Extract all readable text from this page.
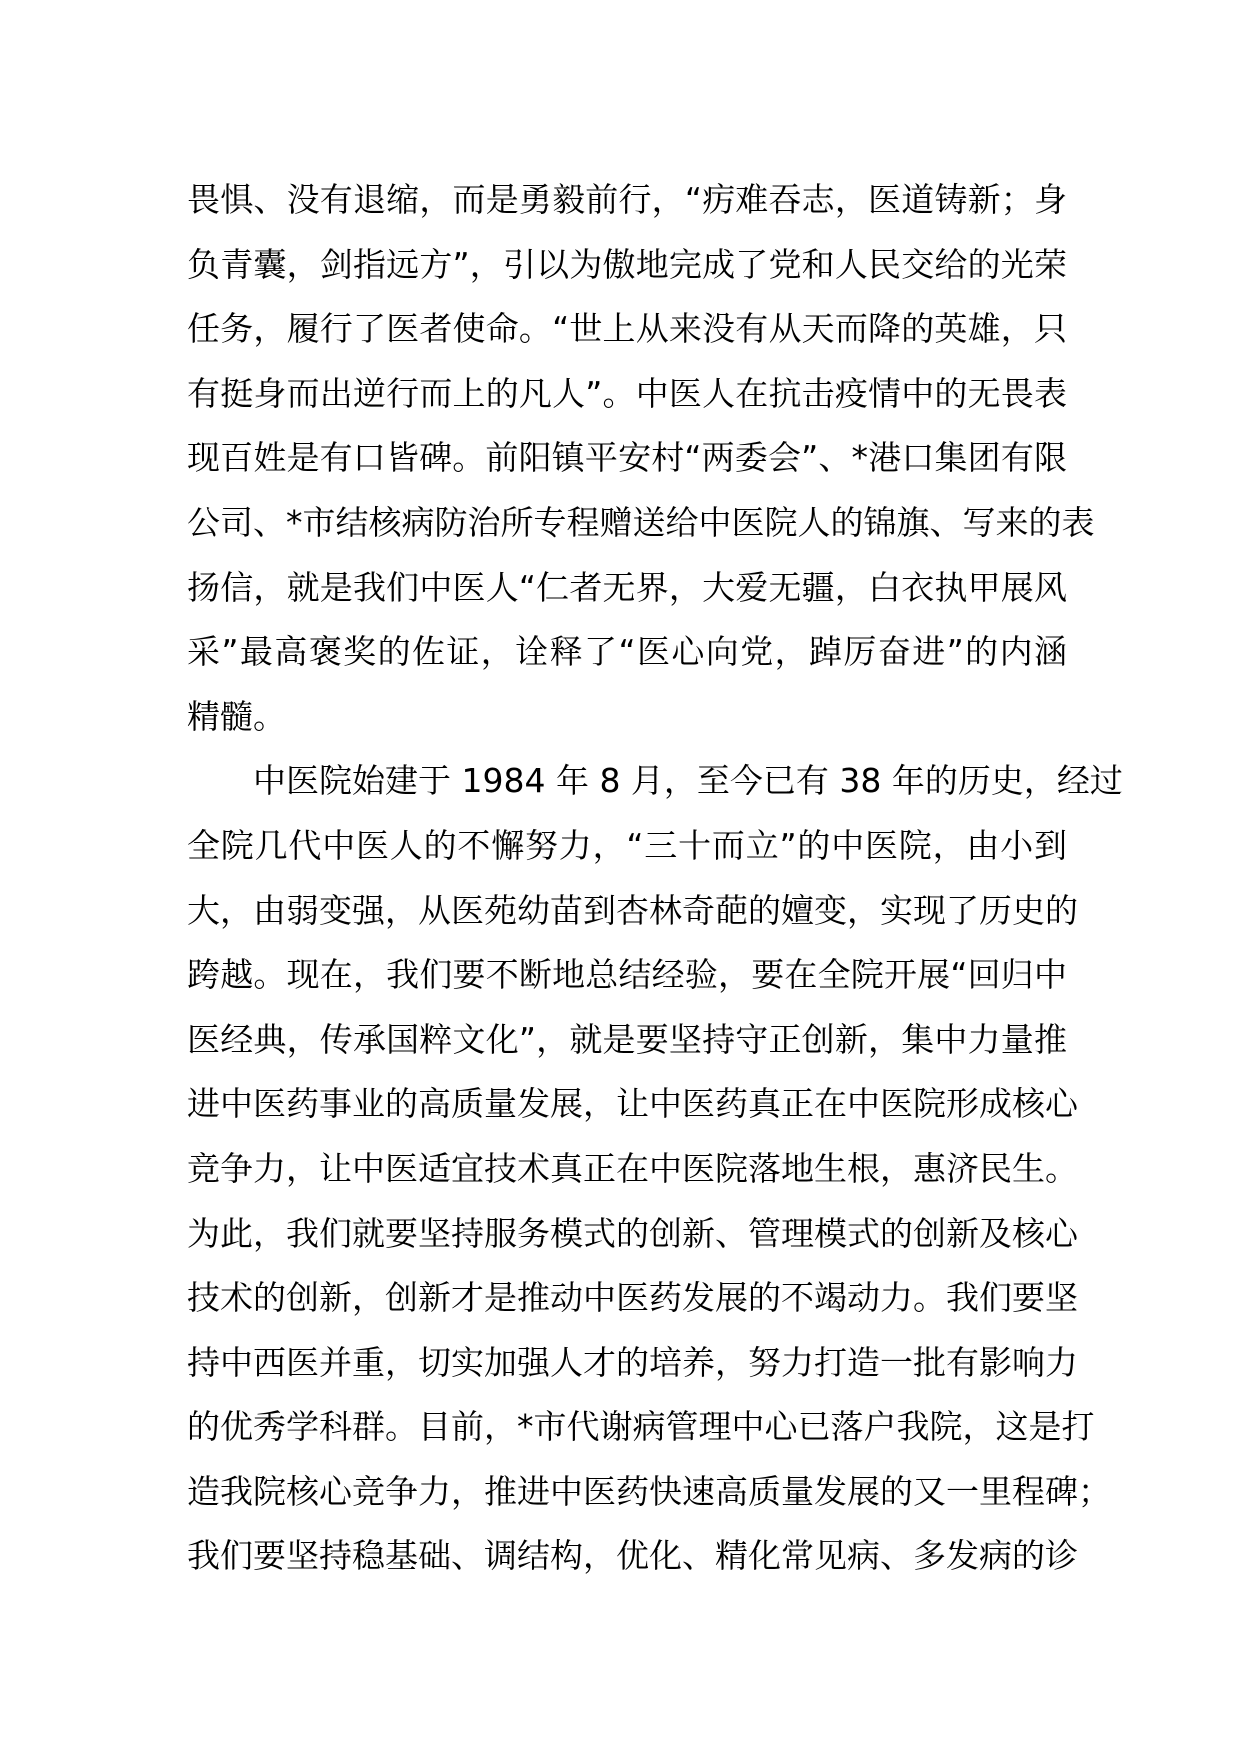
畏惧、没有退缩，而是勇毅前行，“疠难吞志，医道铸新；身
负青囊，剑指远方”，引以为傲地完成了党和人民交给的光荣
任务，履行了医者使命。“世上从来没有从天而降的英雄，只
有挺身而出逆行而上的凡人”。中医人在抗击疫情中的无畏表
现百姓是有口皆碑。前阳镇平安村“两委会”、*港口集团有限
公司、*市结核病防治所专程赠送给中医院人的锦旗、写来的表
扬信，就是我们中医人“仁者无界，大爱无疆，白衣执甲展风
采”最高褒奖的佐证，诠释了“医心向党，踔厉奋进”的内涵
精髓。
中医院始建于 1984 年 8 月，至今已有 38 年的历史，经过
全院几代中医人的不懈努力，“三十而立”的中医院，由小到
大，由弱变强，从医苑幼苗到杏林奇葩的嬗变，实现了历史的
跨越。现在，我们要不断地总结经验，要在全院开展“回归中
医经典，传承国粹文化”，就是要坚持守正创新，集中力量推
进中医药事业的高质量发展，让中医药真正在中医院形成核心
竞争力，让中医适宜技术真正在中医院落地生根，惠济民生。
为此，我们就要坚持服务模式的创新、管理模式的创新及核心
技术的创新，创新才是推动中医药发展的不竭动力。我们要坚
持中西医并重，切实加强人才的培养，努力打造一批有影响力
的优秀学科群。目前，*市代谢病管理中心已落户我院，这是打
造我院核心竞争力，推进中医药快速高质量发展的又一里程碑；
我们要坚持稳基础、调结构，优化、精化常见病、多发病的诊
